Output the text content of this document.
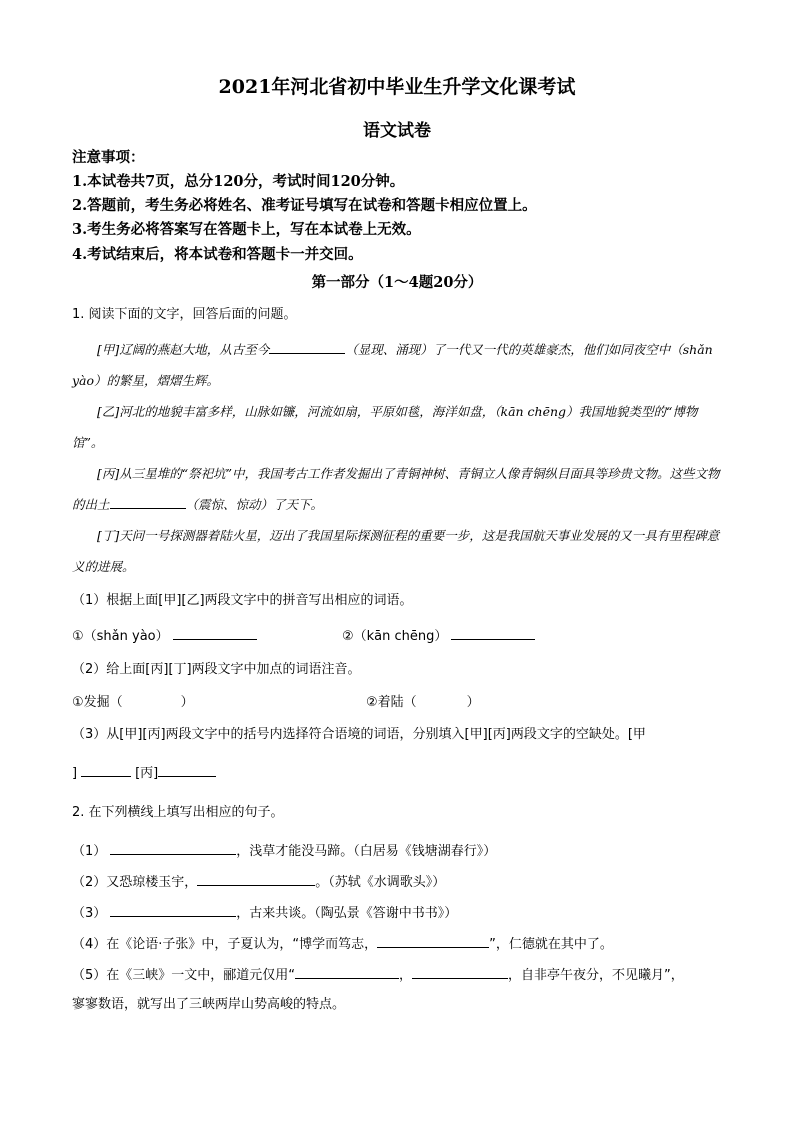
2021年河北省初中毕业生升学文化课考试
语文试卷
注意事项：
1.本试卷共7页，总分120分，考试时间120分钟。
2.答题前，考生务必将姓名、准考证号填写在试卷和答题卡相应位置上。
3.考生务必将答案写在答题卡上，写在本试卷上无效。
4.考试结束后，将本试卷和答题卡一并交回。
第一部分（1～4题20分）
1. 阅读下面的文字，回答后面的问题。
[甲]辽阔的燕赵大地，从古至今	（显现、涌现）了一代又一代的英雄豪杰，他们如同夜空中（shǎn yào）的繁星，熠熠生辉。
[乙]河北的地貌丰富多样，山脉如镰，河流如扇，平原如毯，海洋如盘，（kān chēng）我国地貌类型的“博物馆”。
[丙]从三星堆的“祭祀坑”中，我国考古工作者发掘出了青铜神树、青铜立人像青铜纵目面具等珍贵文物。这些文物的出土	（震惊、惊动）了天下。
[丁]天问一号探测器着陆火星，迈出了我国星际探测征程的重要一步，这是我国航天事业发展的又一具有里程碑意义的进展。
（1）根据上面[甲][乙]两段文字中的拼音写出相应的词语。
①（shǎn yào）	②（kān chēng）
（2）给上面[丙][丁]两段文字中加点的词语注音。
①发掘（	）	②着陆（	）
（3）从[甲][丙]两段文字中的括号内选择符合语境的词语，分别填入[甲][丙]两段文字的空缺处。[甲
]	[丙]
2. 在下列横线上填写出相应的句子。
（1）	，浅草才能没马蹄。（白居易《钱塘湖春行》）
（2）又恐琼楼玉宇，	。（苏轼《水调歌头》）
（3）	，古来共谈。（陶弘景《答谢中书书》）
（4）在《论语·子张》中，子夏认为，“博学而笃志，	”，仁德就在其中了。
（5）在《三峡》一文中，郦道元仅用“	，	，自非亭午夜分，不见曦月”，
寥寥数语，就写出了三峡两岸山势高峻的特点。
